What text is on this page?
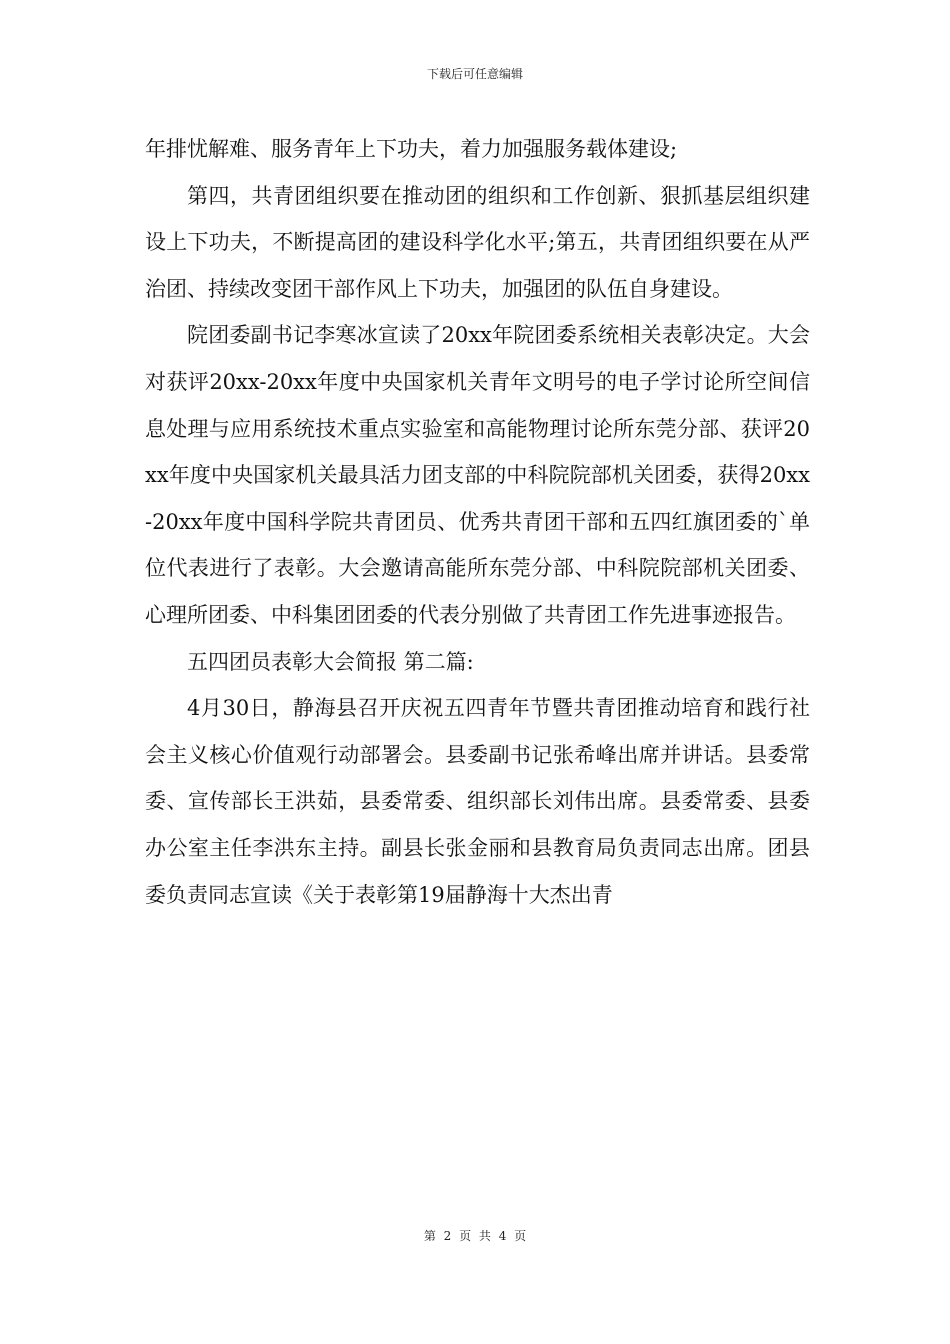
下载后可任意编辑

年排忧解难、服务青年上下功夫，着力加强服务载体建设;

第四，共青团组织要在推动团的组织和工作创新、狠抓基层组织建设上下功夫，不断提高团的建设科学化水平;第五，共青团组织要在从严治团、持续改变团干部作风上下功夫，加强团的队伍自身建设。

院团委副书记李寒冰宣读了20xx年院团委系统相关表彰决定。大会对获评20xx-20xx年度中央国家机关青年文明号的电子学讨论所空间信息处理与应用系统技术重点实验室和高能物理讨论所东莞分部、获评20xx年度中央国家机关最具活力团支部的中科院院部机关团委，获得20xx-20xx年度中国科学院共青团员、优秀共青团干部和五四红旗团委的`单位代表进行了表彰。大会邀请高能所东莞分部、中科院院部机关团委、心理所团委、中科集团团委的代表分别做了共青团工作先进事迹报告。

五四团员表彰大会简报 第二篇:

4月30日，静海县召开庆祝五四青年节暨共青团推动培育和践行社会主义核心价值观行动部署会。县委副书记张希峰出席并讲话。县委常委、宣传部长王洪茹，县委常委、组织部长刘伟出席。县委常委、县委办公室主任李洪东主持。副县长张金丽和县教育局负责同志出席。团县委负责同志宣读《关于表彰第19届静海十大杰出青

第 2 页 共 4 页
